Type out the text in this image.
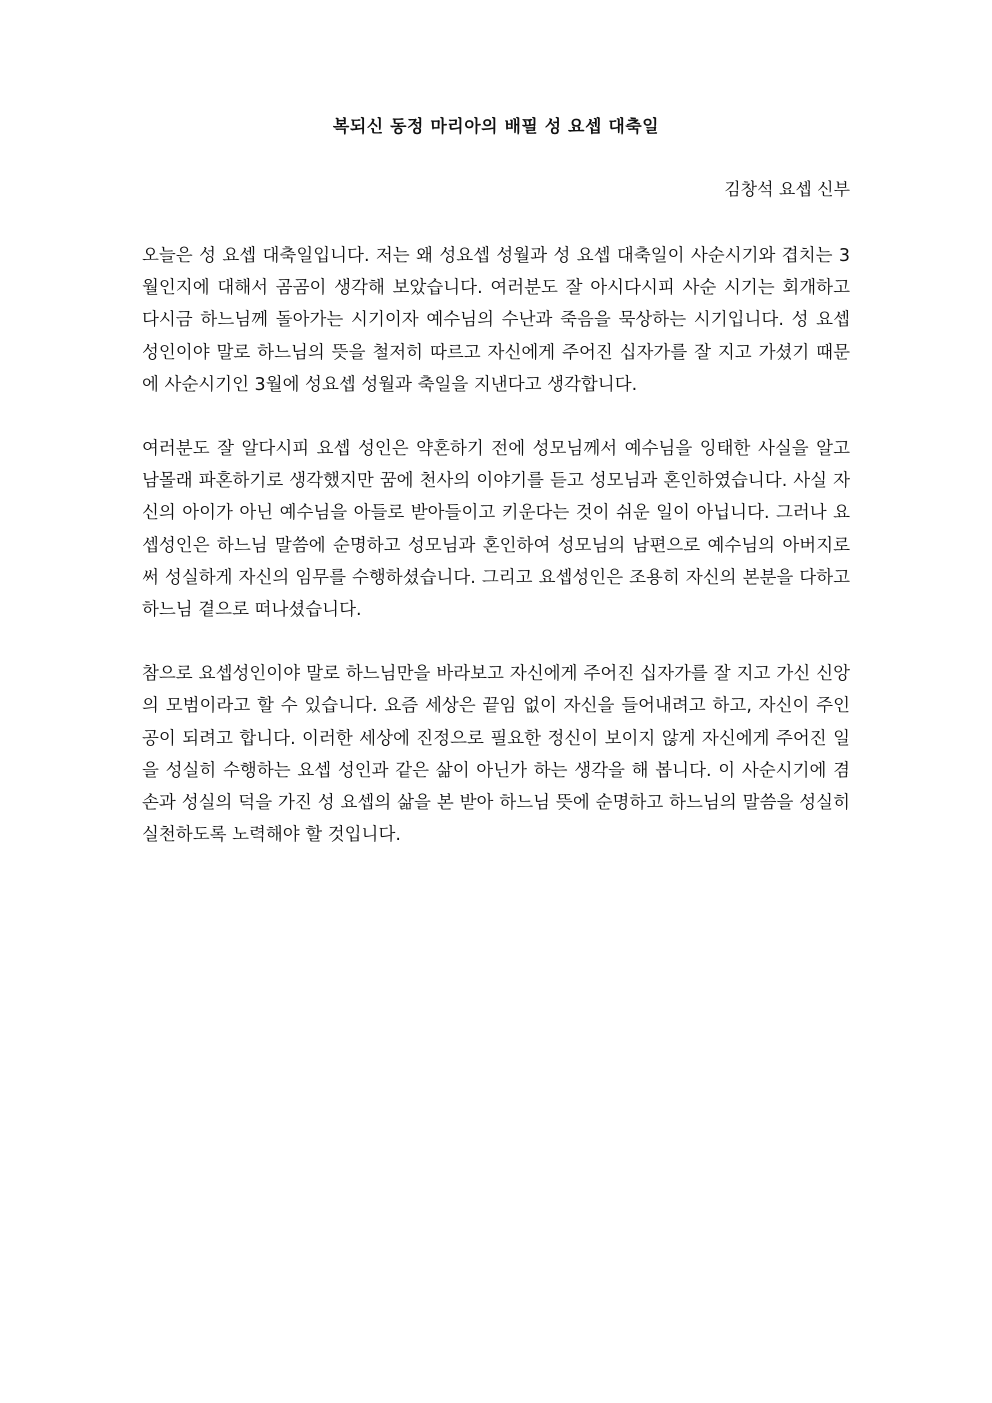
복되신 동정 마리아의 배필 성 요셉 대축일

김창석 요셉 신부

오늘은 성 요셉 대축일입니다. 저는 왜 성요셉 성월과 성 요셉 대축일이 사순시기와 겹치는 3월인지에 대해서 곰곰이 생각해 보았습니다. 여러분도 잘 아시다시피 사순 시기는 회개하고 다시금 하느님께 돌아가는 시기이자 예수님의 수난과 죽음을 묵상하는 시기입니다. 성 요셉 성인이야 말로 하느님의 뜻을 철저히 따르고 자신에게 주어진 십자가를 잘 지고 가셨기 때문에 사순시기인 3월에 성요셉 성월과 축일을 지낸다고 생각합니다.

여러분도 잘 알다시피 요셉 성인은 약혼하기 전에 성모님께서 예수님을 잉태한 사실을 알고 남몰래 파혼하기로 생각했지만 꿈에 천사의 이야기를 듣고 성모님과 혼인하였습니다. 사실 자신의 아이가 아닌 예수님을 아들로 받아들이고 키운다는 것이 쉬운 일이 아닙니다. 그러나 요셉성인은 하느님 말씀에 순명하고 성모님과 혼인하여 성모님의 남편으로 예수님의 아버지로써 성실하게 자신의 임무를 수행하셨습니다. 그리고 요셉성인은 조용히 자신의 본분을 다하고 하느님 곁으로 떠나셨습니다.

참으로 요셉성인이야 말로 하느님만을 바라보고 자신에게 주어진 십자가를 잘 지고 가신 신앙의 모범이라고 할 수 있습니다. 요즘 세상은 끝임 없이 자신을 들어내려고 하고, 자신이 주인공이 되려고 합니다. 이러한 세상에 진정으로 필요한 정신이 보이지 않게 자신에게 주어진 일을 성실히 수행하는 요셉 성인과 같은 삶이 아닌가 하는 생각을 해 봅니다. 이 사순시기에 겸손과 성실의 덕을 가진 성 요셉의 삶을 본 받아 하느님 뜻에 순명하고 하느님의 말씀을 성실히 실천하도록 노력해야 할 것입니다.
